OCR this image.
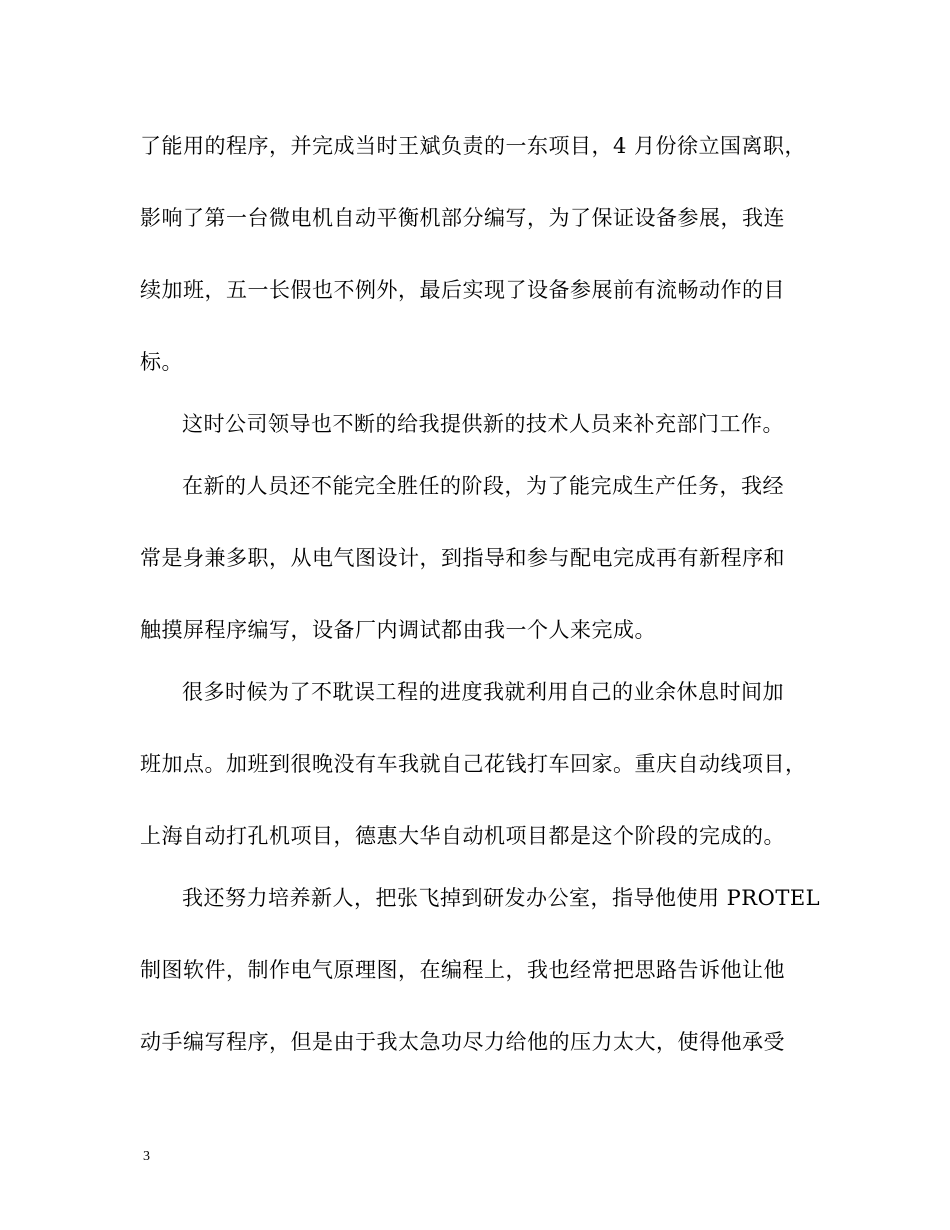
了能用的程序，并完成当时王斌负责的一东项目，4 月份徐立国离职，
影响了第一台微电机自动平衡机部分编写，为了保证设备参展，我连
续加班，五一长假也不例外，最后实现了设备参展前有流畅动作的目
标。
这时公司领导也不断的给我提供新的技术人员来补充部门工作。
在新的人员还不能完全胜任的阶段，为了能完成生产任务，我经
常是身兼多职，从电气图设计，到指导和参与配电完成再有新程序和
触摸屏程序编写，设备厂内调试都由我一个人来完成。
很多时候为了不耽误工程的进度我就利用自己的业余休息时间加
班加点。加班到很晚没有车我就自己花钱打车回家。重庆自动线项目，
上海自动打孔机项目，德惠大华自动机项目都是这个阶段的完成的。
我还努力培养新人，把张飞掉到研发办公室，指导他使用 PROTEL
制图软件，制作电气原理图，在编程上，我也经常把思路告诉他让他
动手编写程序，但是由于我太急功尽力给他的压力太大，使得他承受
3
